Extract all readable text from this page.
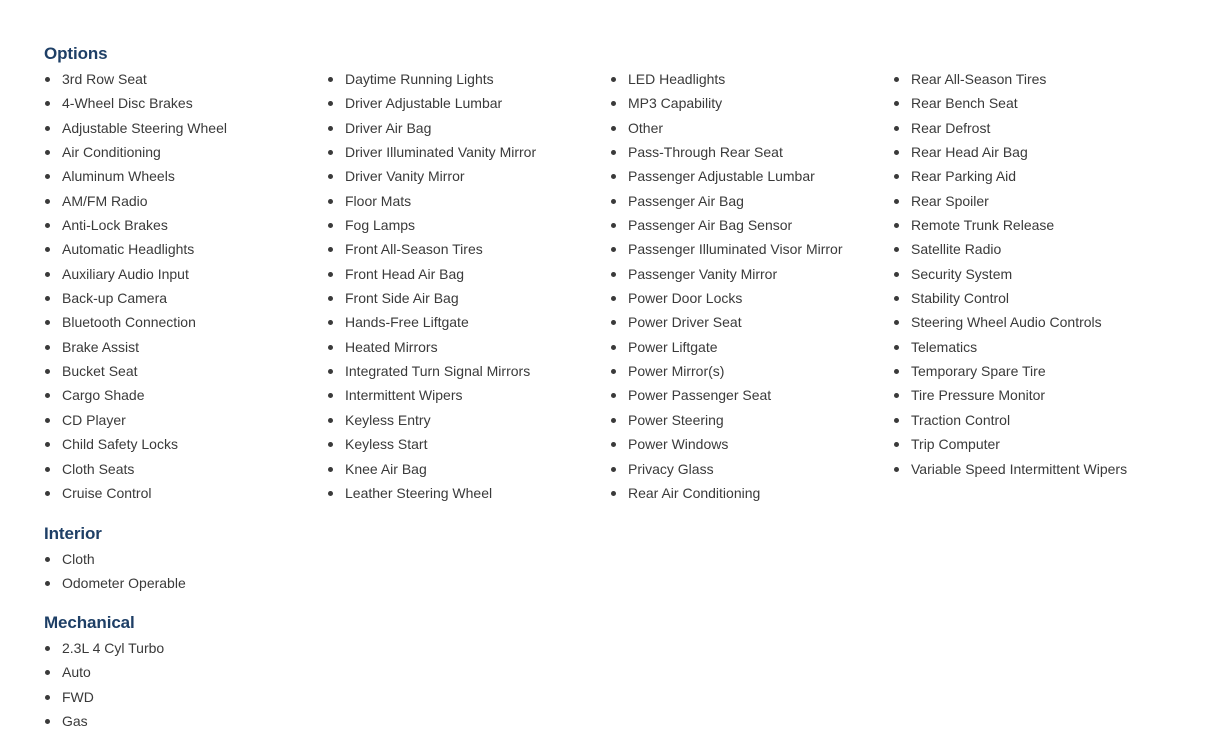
Options
3rd Row Seat
4-Wheel Disc Brakes
Adjustable Steering Wheel
Air Conditioning
Aluminum Wheels
AM/FM Radio
Anti-Lock Brakes
Automatic Headlights
Auxiliary Audio Input
Back-up Camera
Bluetooth Connection
Brake Assist
Bucket Seat
Cargo Shade
CD Player
Child Safety Locks
Cloth Seats
Cruise Control
Daytime Running Lights
Driver Adjustable Lumbar
Driver Air Bag
Driver Illuminated Vanity Mirror
Driver Vanity Mirror
Floor Mats
Fog Lamps
Front All-Season Tires
Front Head Air Bag
Front Side Air Bag
Hands-Free Liftgate
Heated Mirrors
Integrated Turn Signal Mirrors
Intermittent Wipers
Keyless Entry
Keyless Start
Knee Air Bag
Leather Steering Wheel
LED Headlights
MP3 Capability
Other
Pass-Through Rear Seat
Passenger Adjustable Lumbar
Passenger Air Bag
Passenger Air Bag Sensor
Passenger Illuminated Visor Mirror
Passenger Vanity Mirror
Power Door Locks
Power Driver Seat
Power Liftgate
Power Mirror(s)
Power Passenger Seat
Power Steering
Power Windows
Privacy Glass
Rear Air Conditioning
Rear All-Season Tires
Rear Bench Seat
Rear Defrost
Rear Head Air Bag
Rear Parking Aid
Rear Spoiler
Remote Trunk Release
Satellite Radio
Security System
Stability Control
Steering Wheel Audio Controls
Telematics
Temporary Spare Tire
Tire Pressure Monitor
Traction Control
Trip Computer
Variable Speed Intermittent Wipers
Interior
Cloth
Odometer Operable
Mechanical
2.3L 4 Cyl Turbo
Auto
FWD
Gas
